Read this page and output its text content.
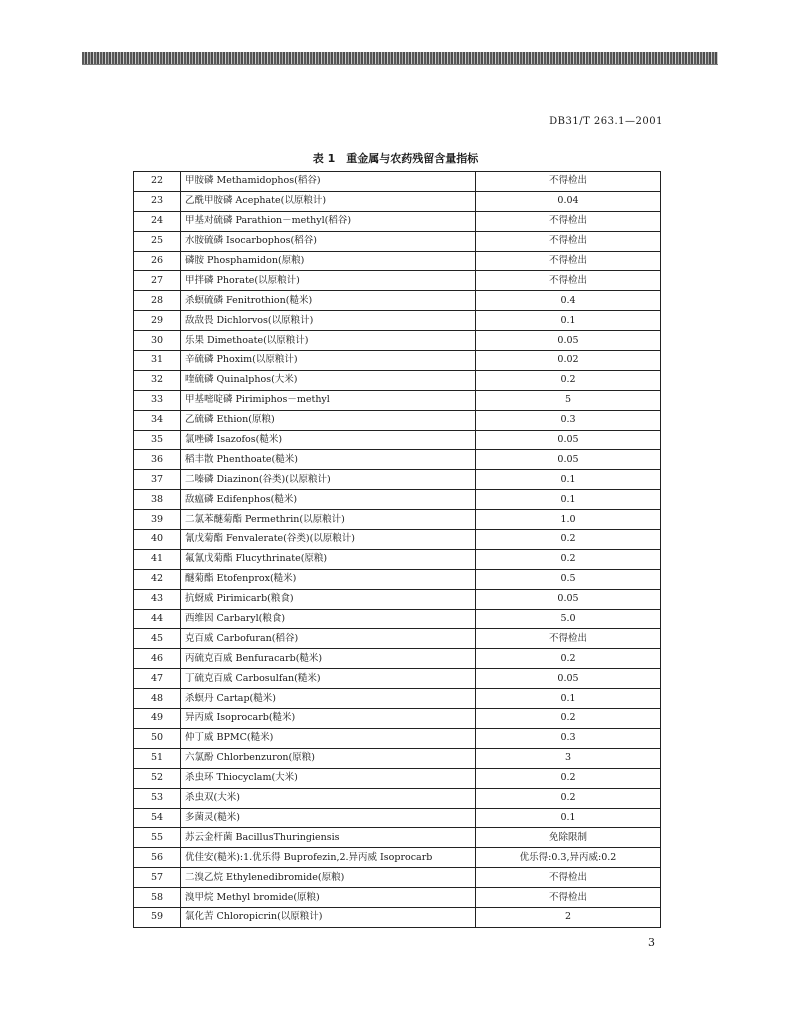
DB31/T 263.1—2001
表 1　重金属与农药残留含量指标
22	甲胺磷 Methamidophos(稻谷)	不得检出
23	乙酰甲胺磷 Acephate(以原粮计)	0.04
24	甲基对硫磷 Parathion－methyl(稻谷)	不得检出
25	水胺硫磷 Isocarbophos(稻谷)	不得检出
26	磷胺 Phosphamidon(原粮)	不得检出
27	甲拌磷 Phorate(以原粮计)	不得检出
28	杀螟硫磷 Fenitrothion(糙米)	0.4
29	敌敌畏 Dichlorvos(以原粮计)	0.1
30	乐果 Dimethoate(以原粮计)	0.05
31	辛硫磷 Phoxim(以原粮计)	0.02
32	喹硫磷 Quinalphos(大米)	0.2
33	甲基嘧啶磷 Pirimiphos－methyl	5
34	乙硫磷 Ethion(原粮)	0.3
35	氯唑磷 Isazofos(糙米)	0.05
36	稻丰散 Phenthoate(糙米)	0.05
37	二嗪磷 Diazinon(谷类)(以原粮计)	0.1
38	敌瘟磷 Edifenphos(糙米)	0.1
39	二氯苯醚菊酯 Permethrin(以原粮计)	1.0
40	氰戊菊酯 Fenvalerate(谷类)(以原粮计)	0.2
41	氟氰戊菊酯 Flucythrinate(原粮)	0.2
42	醚菊酯 Etofenprox(糙米)	0.5
43	抗蚜威 Pirimicarb(粮食)	0.05
44	西维因 Carbaryl(粮食)	5.0
45	克百威 Carbofuran(稻谷)	不得检出
46	丙硫克百威 Benfuracarb(糙米)	0.2
47	丁硫克百威 Carbosulfan(糙米)	0.05
48	杀螟丹 Cartap(糙米)	0.1
49	异丙威 Isoprocarb(糙米)	0.2
50	仲丁威 BPMC(糙米)	0.3
51	六氯酚 Chlorbenzuron(原粮)	3
52	杀虫环 Thiocyclam(大米)	0.2
53	杀虫双(大米)	0.2
54	多菌灵(糙米)	0.1
55	苏云金杆菌 BacillusThuringiensis	免除限制
56	优佳安(糙米):1.优乐得 Buprofezin,2.异丙威 Isoprocarb	优乐得:0.3,异丙威:0.2
57	二溴乙烷 Ethylenedibromide(原粮)	不得检出
58	溴甲烷 Methyl bromide(原粮)	不得检出
59	氯化苦 Chloropicrin(以原粮计)	2
3
